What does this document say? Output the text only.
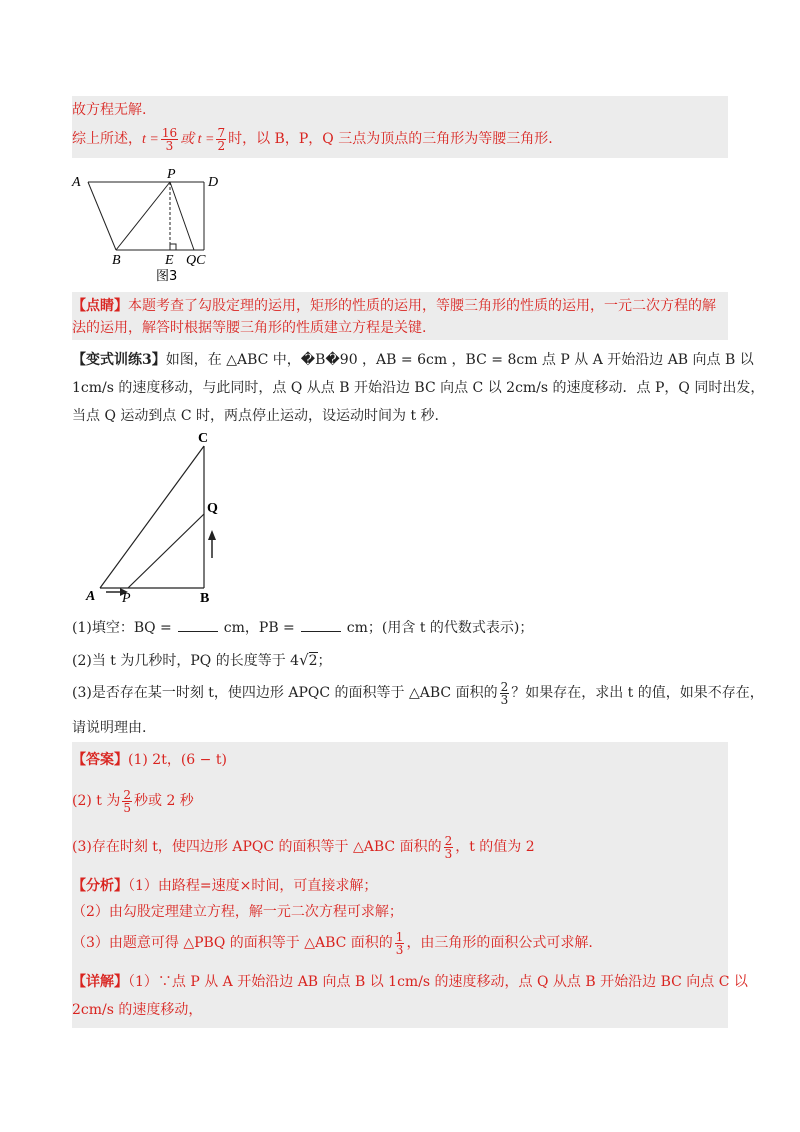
故方程无解.
综上所述，$t = \frac{16}{3}$ 或 $t = \frac{7}{2}$ 时，以 B，P，Q 三点为顶点的三角形为等腰三角形.
A
P
D
B	E QC
图3
【点睛】本题考查了勾股定理的运用，矩形的性质的运用，等腰三角形的性质的运用，一元二次方程的解
法的运用，解答时根据等腰三角形的性质建立方程是关键.
【变式训练3】如图，在 △ABC 中，�B�90 ，AB = 6cm ，BC = 8cm 点 P 从 A 开始沿边 AB 向点 B 以
1cm/s 的速度移动，与此同时，点 Q 从点 B 开始沿边 BC 向点 C 以 2cm/s 的速度移动．点 P，Q 同时出发，
当点 Q 运动到点 C 时，两点停止运动，设运动时间为 t 秒.
C
Q
A P	B
(1)填空：BQ =	cm，PB =	cm；(用含 t 的代数式表示)；
(2)当 t 为几秒时，PQ 的长度等于 4√2；
(3)是否存在某一时刻 t，使四边形 APQC 的面积等于 △ABC 面积的 $\frac{2}{3}$ ？如果存在，求出 t 的值，如果不存在，
请说明理由.
【答案】(1) 2t，(6 − t)
(2) t 为 $\frac{2}{5}$ 秒或 2 秒
(3)存在时刻 t，使四边形 APQC 的面积等于 △ABC 面积的 $\frac{2}{3}$ ，t 的值为 2
【分析】（1）由路程=速度×时间，可直接求解；
（2）由勾股定理建立方程，解一元二次方程可求解；
（3）由题意可得 △PBQ 的面积等于 △ABC 面积的 $\frac{1}{3}$ ，由三角形的面积公式可求解.
【详解】（1）∵点 P 从 A 开始沿边 AB 向点 B 以 1cm/s 的速度移动，点 Q 从点 B 开始沿边 BC 向点 C 以
2cm/s 的速度移动，
